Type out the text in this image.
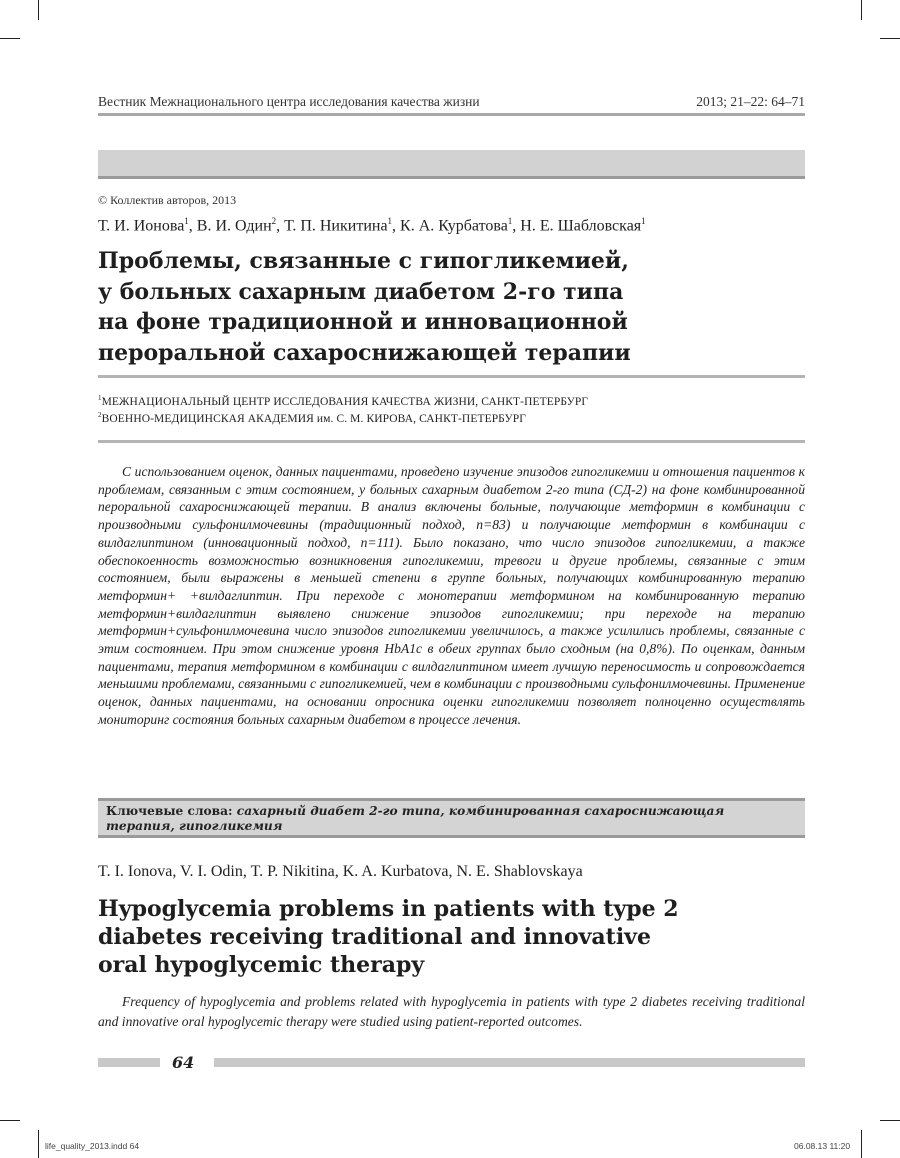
Вестник Межнационального центра исследования качества жизни	2013; 21–22: 64–71
© Коллектив авторов, 2013
Т. И. Ионова$^1$, В. И. Один$^2$, Т. П. Никитина$^1$, К. А. Курбатова$^1$, Н. Е. Шабловская$^1$
Проблемы, связанные с гипогликемией,
у больных сахарным диабетом 2-го типа
на фоне традиционной и инновационной
пероральной сахароснижающей терапии
$^1$МЕЖНАЦИОНАЛЬНЫЙ ЦЕНТР ИССЛЕДОВАНИЯ КАЧЕСТВА ЖИЗНИ, САНКТ-ПЕТЕРБУРГ
$^2$ВОЕННО-МЕДИЦИНСКАЯ АКАДЕМИЯ им. С. М. КИРОВА, САНКТ-ПЕТЕРБУРГ
С использованием оценок, данных пациентами, проведено изучение эпизодов гипогликемии и отношения пациентов к проблемам, связанным с этим состоянием, у больных сахарным диабетом 2-го типа (СД-2) на фоне комбинированной пероральной сахароснижающей терапии. В анализ включены больные, получающие метформин в комбинации с производными сульфонилмочевины (традиционный подход, n=83) и получающие метформин в комбинации с вилдаглиптином (инновационный подход, n=111). Было показано, что число эпизодов гипогликемии, а также обеспокоенность возможностью возникновения гипогликемии, тревоги и другие проблемы, связанные с этим состоянием, были выражены в меньшей степени в группе больных, получающих комбинированную терапию метформин+ +вилдаглиптин. При переходе с монотерапии метформином на комбинированную терапию метформин+вилдаглиптин выявлено снижение эпизодов гипогликемии; при переходе на терапию метформин+сульфонилмочевина число эпизодов гипогликемии увеличилось, а также усилились проблемы, связанные с этим состоянием. При этом снижение уровня HbA1c в обеих группах было сходным (на 0,8%). По оценкам, данным пациентами, терапия метформином в комбинации с вилдаглиптином имеет лучшую переносимость и сопровождается меньшими проблемами, связанными с гипогликемией, чем в комбинации с производными сульфонилмочевины. Применение оценок, данных пациентами, на основании опросника оценки гипогликемии позволяет полноценно осуществлять мониторинг состояния больных сахарным диабетом в процессе лечения.
Ключевые слова: сахарный диабет 2-го типа, комбинированная сахароснижающая терапия, гипогликемия
T. I. Ionova, V. I. Odin, T. P. Nikitina, K. A. Kurbatova, N. E. Shablovskaya
Hypoglycemia problems in patients with type 2
diabetes receiving traditional and innovative
oral hypoglycemic therapy
Frequency of hypoglycemia and problems related with hypoglycemia in patients with type 2 diabetes receiving traditional and innovative oral hypoglycemic therapy were studied using patient-reported outcomes.
64
life_quality_2013.indd 64	06.08.13 11:20
